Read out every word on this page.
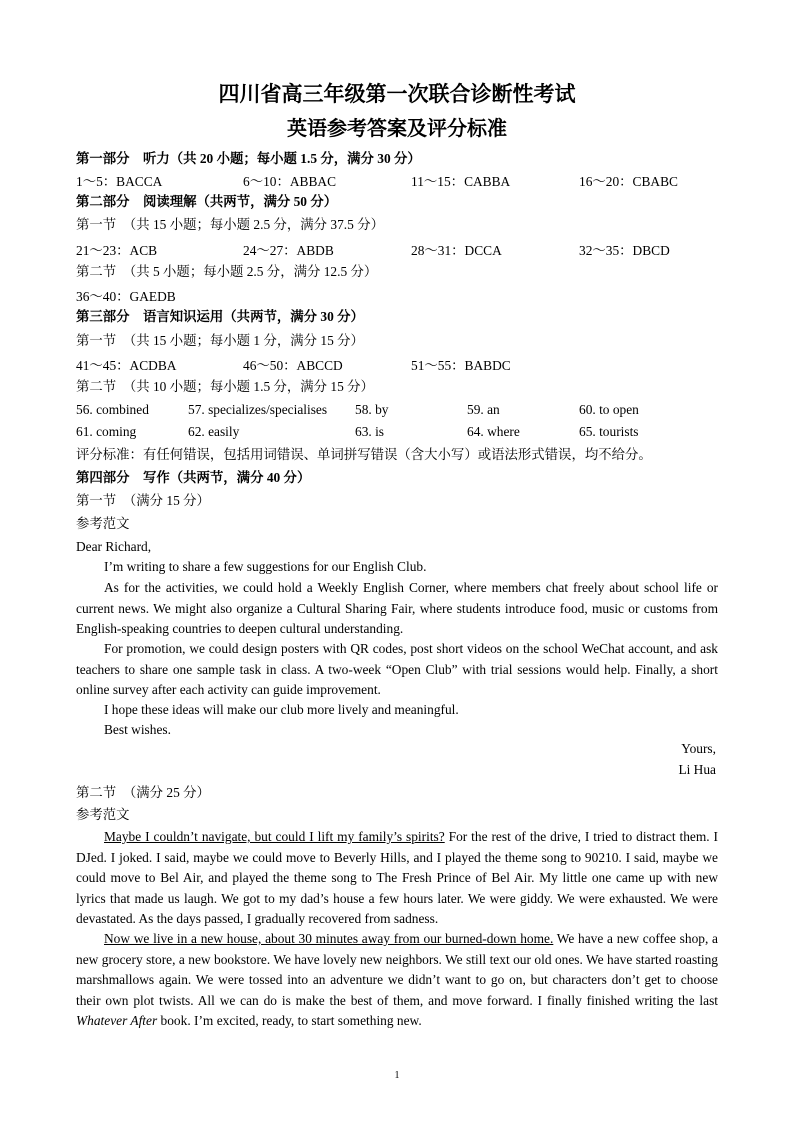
四川省高三年级第一次联合诊断性考试
英语参考答案及评分标准
第一部分　听力（共 20 小题；每小题 1.5 分，满分 30 分）
1～5：BACCA	6～10：ABBAC	11～15：CABBA	16～20：CBABC
第二部分　阅读理解（共两节，满分 50 分）
第一节　（共 15 小题；每小题 2.5 分，满分 37.5 分）
21～23：ACB	24～27：ABDB	28～31：DCCA	32～35：DBCD
第二节　（共 5 小题；每小题 2.5 分，满分 12.5 分）
36～40：GAEDB
第三部分　语言知识运用（共两节，满分 30 分）
第一节　（共 15 小题；每小题 1 分，满分 15 分）
41～45：ACDBA	46～50：ABCCD	51～55：BABDC
第二节　（共 10 小题；每小题 1.5 分，满分 15 分）
56. combined	57. specializes/specialises 58. by	59. an	60. to open
61. coming	62. easily	63. is	64. where	65. tourists
评分标准：有任何错误，包括用词错误、单词拼写错误（含大小写）或语法形式错误，均不给分。
第四部分　写作（共两节，满分 40 分）
第一节　（满分 15 分）
参考范文
Dear Richard,
I’m writing to share a few suggestions for our English Club.
As for the activities, we could hold a Weekly English Corner, where members chat freely about school life or current news. We might also organize a Cultural Sharing Fair, where students introduce food, music or customs from English-speaking countries to deepen cultural understanding.
For promotion, we could design posters with QR codes, post short videos on the school WeChat account, and ask teachers to share one sample task in class. A two-week “Open Club” with trial sessions would help. Finally, a short online survey after each activity can guide improvement.
I hope these ideas will make our club more lively and meaningful.
Best wishes.
Yours,
Li Hua
第二节　（满分 25 分）
参考范文
Maybe I couldn’t navigate, but could I lift my family’s spirits? For the rest of the drive, I tried to distract them. I DJed. I joked. I said, maybe we could move to Beverly Hills, and I played the theme song to 90210. I said, maybe we could move to Bel Air, and played the theme song to The Fresh Prince of Bel Air. My little one came up with new lyrics that made us laugh. We got to my dad’s house a few hours later. We were giddy. We were exhausted. We were devastated. As the days passed, I gradually recovered from sadness.
Now we live in a new house, about 30 minutes away from our burned-down home. We have a new coffee shop, a new grocery store, a new bookstore. We have lovely new neighbors. We still text our old ones. We have started roasting marshmallows again. We were tossed into an adventure we didn’t want to go on, but characters don’t get to choose their own plot twists. All we can do is make the best of them, and move forward. I finally finished writing the last Whatever After book. I’m excited, ready, to start something new.
1
